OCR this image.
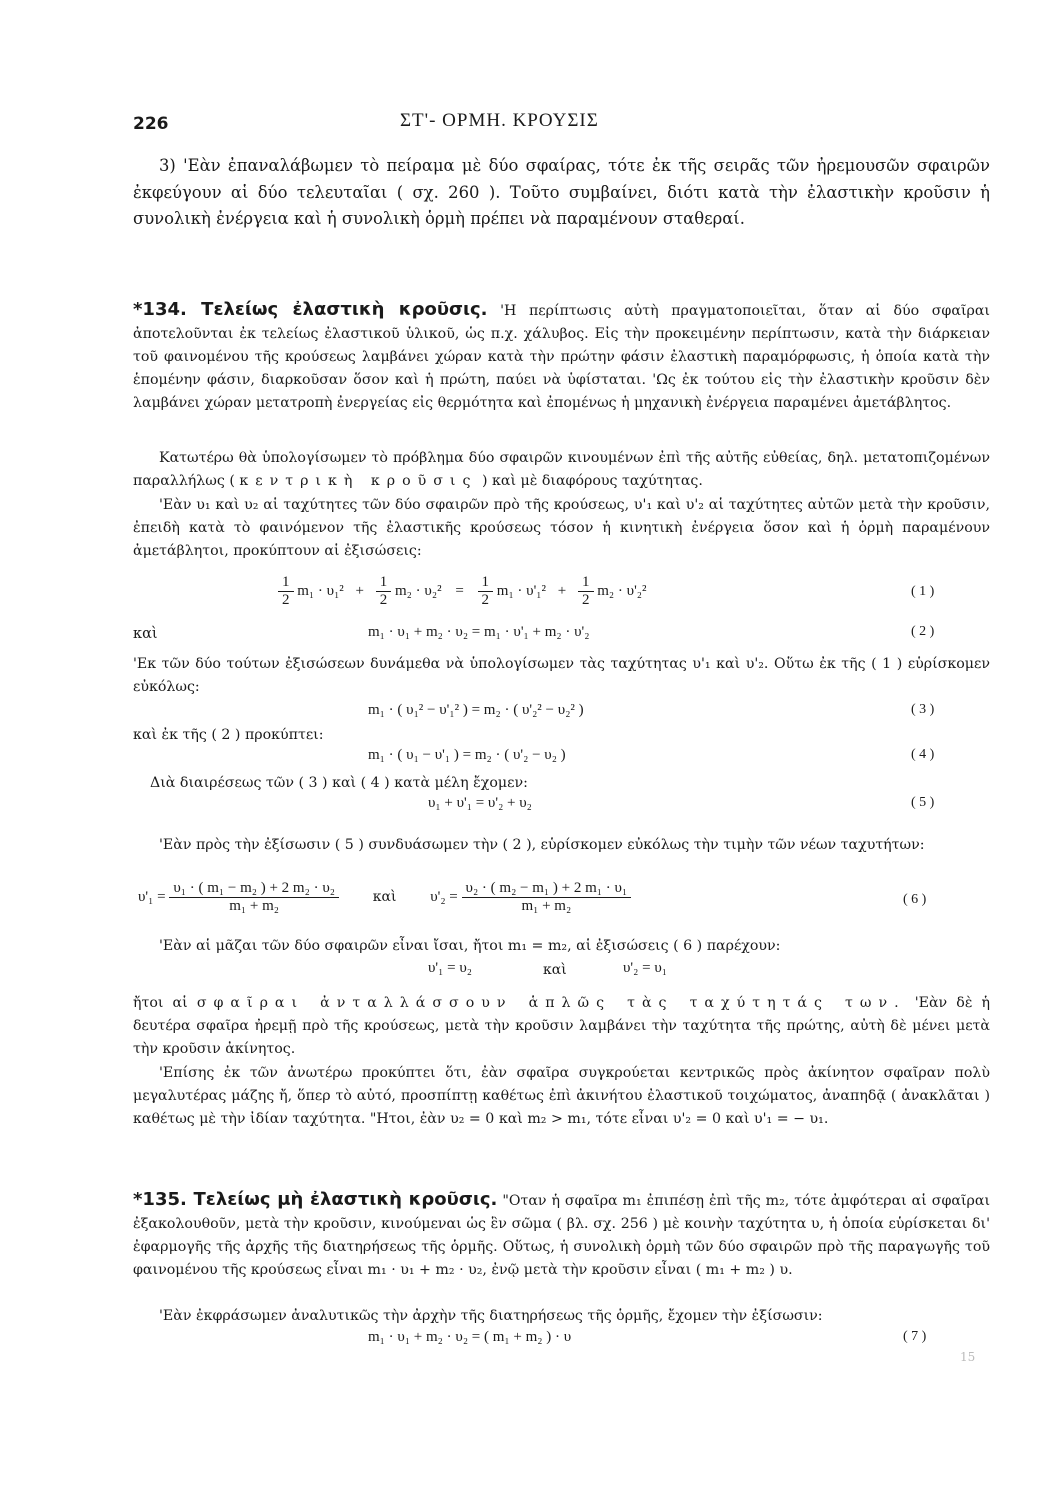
226	ΣΤ'- ΟΡΜΗ. ΚΡΟΥΣΙΣ
3) 'Εὰν ἐπαναλάβωμεν τὸ πείραμα μὲ δύο σφαίρας, τότε ἐκ τῆς σειρᾶς τῶν ἠρεμουσῶν σφαιρῶν ἐκφεύγουν αἱ δύο τελευταῖαι ( σχ. 260 ). Τοῦτο συμβαίνει, διότι κατὰ τὴν ἐλαστικὴν κροῦσιν ἡ συνολικὴ ἐνέργεια καὶ ἡ συνολικὴ ὁρμὴ πρέπει νὰ παραμένουν σταθεραί.
*134. Τελείως ἐλαστικὴ κροῦσις. 'Η περίπτωσις αὐτὴ πραγματοποιεῖται, ὅταν αἱ δύο σφαῖραι ἀποτελοῦνται ἐκ τελείως ἐλαστικοῦ ὑλικοῦ, ὡς π.χ. χάλυβος. Εἰς τὴν προκειμένην περίπτωσιν, κατὰ τὴν διάρκειαν τοῦ φαινομένου τῆς κρούσεως λαμβάνει χώραν κατὰ τὴν πρώτην φάσιν ἐλαστικὴ παραμόρφωσις, ἡ ὁποία κατὰ τὴν ἑπομένην φάσιν, διαρκοῦσαν ὅσον καὶ ἡ πρώτη, παύει νὰ ὑφίσταται. 'Ως ἐκ τούτου εἰς τὴν ἐλαστικὴν κροῦσιν δὲν λαμβάνει χώραν μετατροπὴ ἐνεργείας εἰς θερμότητα καὶ ἐπομένως ἡ μηχανικὴ ἐνέργεια παραμένει ἀμετάβλητος.
Κατωτέρω θὰ ὑπολογίσωμεν τὸ πρόβλημα δύο σφαιρῶν κινουμένων ἐπὶ τῆς αὐτῆς εὐθείας, δηλ. μετατοπιζομένων παραλλήλως ( κεντρικὴ κροῦσις ) καὶ μὲ διαφόρους ταχύτητας.
'Εὰν υ₁ καὶ υ₂ αἱ ταχύτητες τῶν δύο σφαιρῶν πρὸ τῆς κρούσεως, υ'₁ καὶ υ'₂ αἱ ταχύτητες αὐτῶν μετὰ τὴν κροῦσιν, ἐπειδὴ κατὰ τὸ φαινόμενον τῆς ἐλαστικῆς κρούσεως τόσον ἡ κινητικὴ ἐνέργεια ὅσον καὶ ἡ ὁρμὴ παραμένουν ἀμετάβλητοι, προκύπτουν αἱ ἐξισώσεις:
$\frac{1}{2} m_1 \cdot \upsilon_1^2 + \frac{1}{2} m_2 \cdot \upsilon_2^2 = \frac{1}{2} m_1 \cdot \upsilon'_1^2 + \frac{1}{2} m_2 \cdot \upsilon'_2^2$	( 1 )
καὶ	m₁ · υ₁ + m₂ · υ₂ = m₁ · υ'₁ + m₂ · υ'₂	( 2 )
'Εκ τῶν δύο τούτων ἐξισώσεων δυνάμεθα νὰ ὑπολογίσωμεν τὰς ταχύτητας υ'₁ καὶ υ'₂. Οὕτω ἐκ τῆς ( 1 ) εὑρίσκομεν εὐκόλως:
m₁ · ( υ₁² − υ'₁² ) = m₂ · ( υ'₂² − υ₂² )	( 3 )
καὶ ἐκ τῆς ( 2 ) προκύπτει:
m₁ · ( υ₁ − υ'₁ ) = m₂ · ( υ'₂ − υ₂ )	( 4 )
Διὰ διαιρέσεως τῶν ( 3 ) καὶ ( 4 ) κατὰ μέλη ἔχομεν:
υ₁ + υ'₁ = υ'₂ + υ₂	( 5 )
'Εὰν πρὸς τὴν ἐξίσωσιν ( 5 ) συνδυάσωμεν τὴν ( 2 ), εὑρίσκομεν εὐκόλως τὴν τιμὴν τῶν νέων ταχυτήτων:
$\upsilon'_1 = \frac{\text{υ₁ · ( m₁ − m₂ ) + 2 m₂ · υ₂}}{\text{m₁ + m₂}}$ καὶ $\upsilon'_2 = \frac{\text{υ₂ · ( m₂ − m₁ ) + 2 m₁ · υ₁}}{\text{m₁ + m₂}}$	( 6 )
'Εὰν αἱ μᾶζαι τῶν δύο σφαιρῶν εἶναι ἴσαι, ἤτοι m₁ = m₂, αἱ ἐξισώσεις ( 6 ) παρέχουν:
υ'₁ = υ₂	καὶ	υ'₂ = υ₁
ἤτοι αἱ σφαῖραι ἀνταλλάσσουν ἁπλῶς τὰς ταχύτητάς των. 'Εὰν δὲ ἡ δευτέρα σφαῖρα ἠρεμῇ πρὸ τῆς κρούσεως, μετὰ τὴν κροῦσιν λαμβάνει τὴν ταχύτητα τῆς πρώτης, αὐτὴ δὲ μένει μετὰ τὴν κροῦσιν ἀκίνητος.
'Επίσης ἐκ τῶν ἀνωτέρω προκύπτει ὅτι, ἐὰν σφαῖρα συγκρούεται κεντρικῶς πρὸς ἀκίνητον σφαῖραν πολὺ μεγαλυτέρας μάζης ἤ, ὅπερ τὸ αὐτό, προσπίπτῃ καθέτως ἐπὶ ἀκινήτου ἐλαστικοῦ τοιχώματος, ἀναπηδᾷ ( ἀνακλᾶται ) καθέτως μὲ τὴν ἰδίαν ταχύτητα. "Ητοι, ἐὰν υ₂ = 0 καὶ m₂ > m₁, τότε εἶναι υ'₂ = 0 καὶ υ'₁ = − υ₁.
*135. Τελείως μὴ ἐλαστικὴ κροῦσις. "Οταν ἡ σφαῖρα m₁ ἐπιπέσῃ ἐπὶ τῆς m₂, τότε ἀμφότεραι αἱ σφαῖραι ἐξακολουθοῦν, μετὰ τὴν κροῦσιν, κινούμεναι ὡς ἓν σῶμα ( βλ. σχ. 256 ) μὲ κοινὴν ταχύτητα υ, ἡ ὁποία εὑρίσκεται δι' ἐφαρμογῆς τῆς ἀρχῆς τῆς διατηρήσεως τῆς ὁρμῆς. Οὕτως, ἡ συνολικὴ ὁρμὴ τῶν δύο σφαιρῶν πρὸ τῆς παραγωγῆς τοῦ φαινομένου τῆς κρούσεως εἶναι m₁ · υ₁ + m₂ · υ₂, ἐνῷ μετὰ τὴν κροῦσιν εἶναι ( m₁ + m₂ ) υ.
'Εὰν ἐκφράσωμεν ἀναλυτικῶς τὴν ἀρχὴν τῆς διατηρήσεως τῆς ὁρμῆς, ἔχομεν τὴν ἐξίσωσιν:
m₁ · υ₁ + m₂ · υ₂ = ( m₁ + m₂ ) · υ	( 7 )
15
